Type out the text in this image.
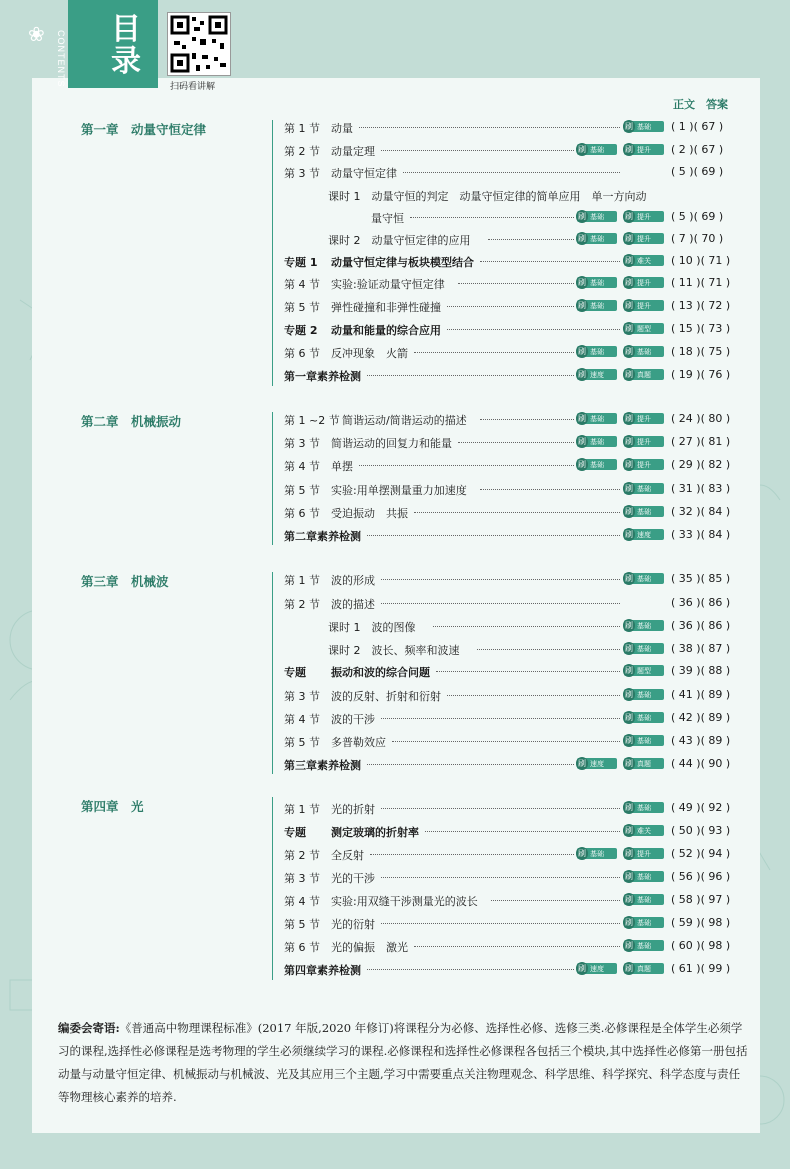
目录
CONTENTS
❀
扫码看讲解
正文 答案
第一章　动量守恒定律
第二章　机械振动
第三章　机械波
第四章　光
第 1 节 动量	刷 基础 ( 1 )( 67 )
第 2 节 动量定理	刷 基础	刷 提升 ( 2 )( 67 )
第 3 节 动量守恒定律	( 5 )( 69 )
课时 1　动量守恒的判定　动量守恒定律的简单应用　单一方向动
量守恒	刷 基础	刷 提升 ( 5 )( 69 )
课时 2　动量守恒定律的应用	刷 基础	刷 提升 ( 7 )( 70 )
专题 1 动量守恒定律与板块模型结合	刷 难关 ( 10 )( 71 )
第 4 节 实验:验证动量守恒定律	刷 基础	刷 提升 ( 11 )( 71 )
第 5 节 弹性碰撞和非弹性碰撞	刷 基础	刷 提升 ( 13 )( 72 )
专题 2 动量和能量的综合应用	刷 题型 ( 15 )( 73 )
第 6 节 反冲现象　火箭	刷 基础	刷 基础 ( 18 )( 75 )
第一章素养检测	刷 速度	刷 真题 ( 19 )( 76 )
第 1 ~2 节 简谐运动/简谐运动的描述	刷 基础	刷 提升 ( 24 )( 80 )
第 3 节 简谐运动的回复力和能量	刷 基础	刷 提升 ( 27 )( 81 )
第 4 节 单摆	刷 基础	刷 提升 ( 29 )( 82 )
第 5 节 实验:用单摆测量重力加速度	刷 基础 ( 31 )( 83 )
第 6 节 受迫振动　共振	刷 基础 ( 32 )( 84 )
第二章素养检测	刷 速度 ( 33 )( 84 )
第 1 节 波的形成	刷 基础 ( 35 )( 85 )
第 2 节 波的描述	( 36 )( 86 )
课时 1　波的图像	刷 基础 ( 36 )( 86 )
课时 2　波长、频率和波速	刷 基础 ( 38 )( 87 )
专题 振动和波的综合问题	刷 题型 ( 39 )( 88 )
第 3 节 波的反射、折射和衍射	刷 基础 ( 41 )( 89 )
第 4 节 波的干涉	刷 基础 ( 42 )( 89 )
第 5 节 多普勒效应	刷 基础 ( 43 )( 89 )
第三章素养检测	刷 速度	刷 真题 ( 44 )( 90 )
第 1 节 光的折射	刷 基础 ( 49 )( 92 )
专题 测定玻璃的折射率	刷 难关 ( 50 )( 93 )
第 2 节 全反射	刷 基础	刷 提升 ( 52 )( 94 )
第 3 节 光的干涉	刷 基础 ( 56 )( 96 )
第 4 节 实验:用双缝干涉测量光的波长	刷 基础 ( 58 )( 97 )
第 5 节 光的衍射	刷 基础 ( 59 )( 98 )
第 6 节 光的偏振　激光	刷 基础 ( 60 )( 98 )
第四章素养检测	刷 速度	刷 真题 ( 61 )( 99 )
编委会寄语:《普通高中物理课程标准》(2017 年版,2020 年修订)将课程分为必修、选择性必修、选修三类.必修课程是全体学生必须学习的课程,选择性必修课程是选考物理的学生必须继续学习的课程.必修课程和选择性必修课程各包括三个模块,其中选择性必修第一册包括动量与动量守恒定律、机械振动与机械波、光及其应用三个主题,学习中需要重点关注物理观念、科学思维、科学探究、科学态度与责任等物理核心素养的培养.
